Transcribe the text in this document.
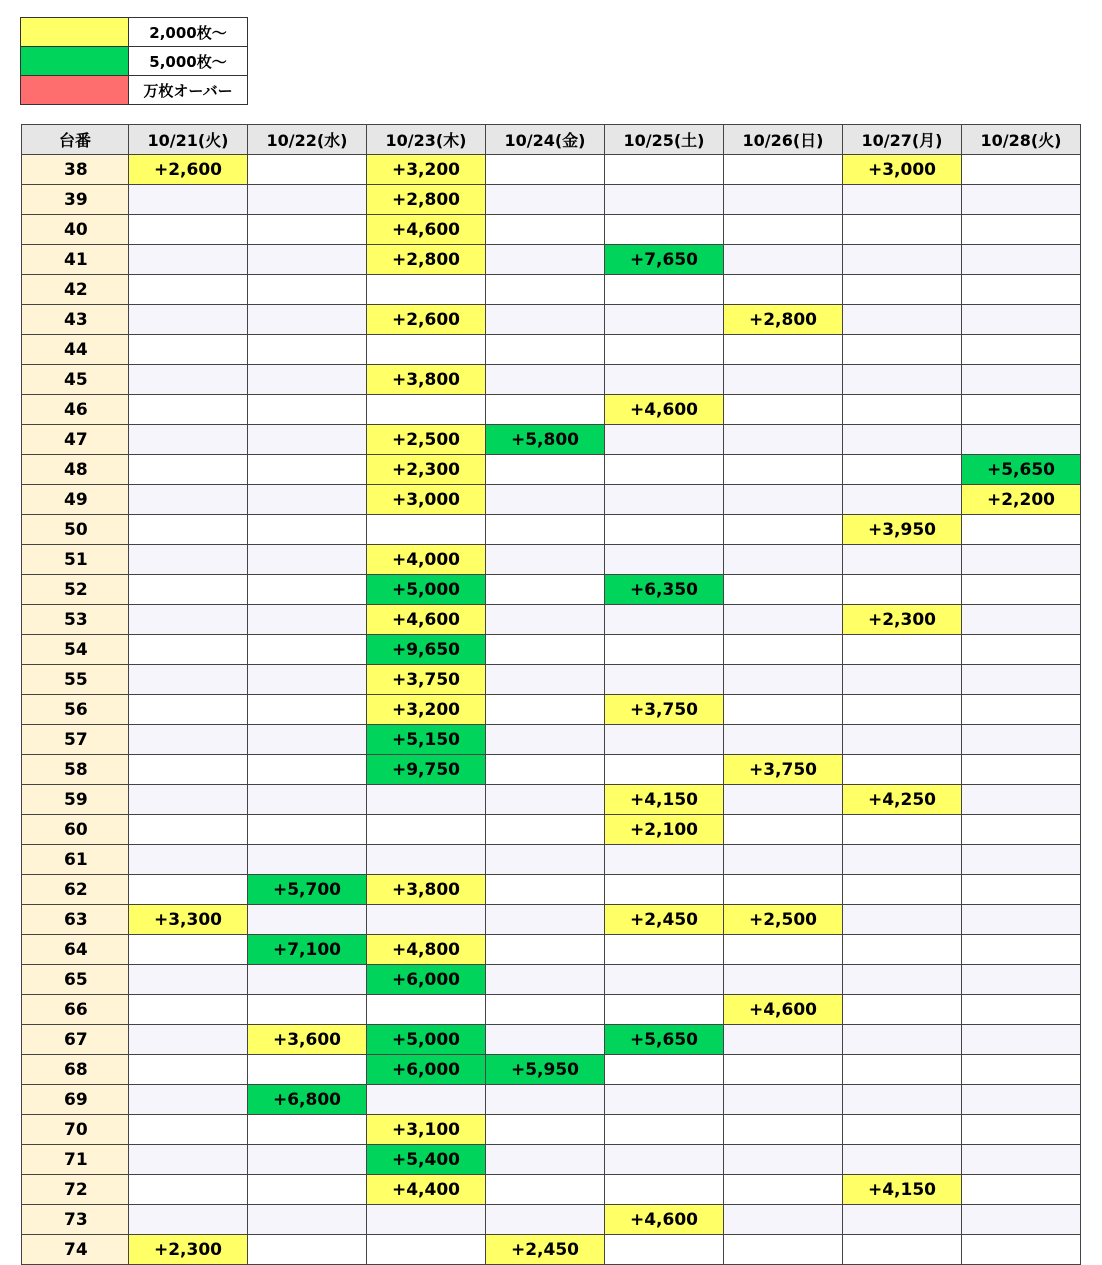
	2,000枚～
	5,000枚～
	万枚オーバー
台番	10/21(火)	10/22(水)	10/23(木)	10/24(金)	10/25(土)	10/26(日)	10/27(月)	10/28(火)
38	+2,600		+3,200				+3,000	
39			+2,800					
40			+4,600					
41			+2,800		+7,650			
42								
43			+2,600			+2,800		
44								
45			+3,800					
46					+4,600			
47			+2,500	+5,800				
48			+2,300					+5,650
49			+3,000					+2,200
50							+3,950	
51			+4,000					
52			+5,000		+6,350			
53			+4,600				+2,300	
54			+9,650					
55			+3,750					
56			+3,200		+3,750			
57			+5,150					
58			+9,750			+3,750		
59					+4,150		+4,250	
60					+2,100			
61								
62		+5,700	+3,800					
63	+3,300				+2,450	+2,500		
64		+7,100	+4,800					
65			+6,000					
66						+4,600		
67		+3,600	+5,000		+5,650			
68			+6,000	+5,950				
69		+6,800						
70			+3,100					
71			+5,400					
72			+4,400				+4,150	
73					+4,600			
74	+2,300			+2,450				
